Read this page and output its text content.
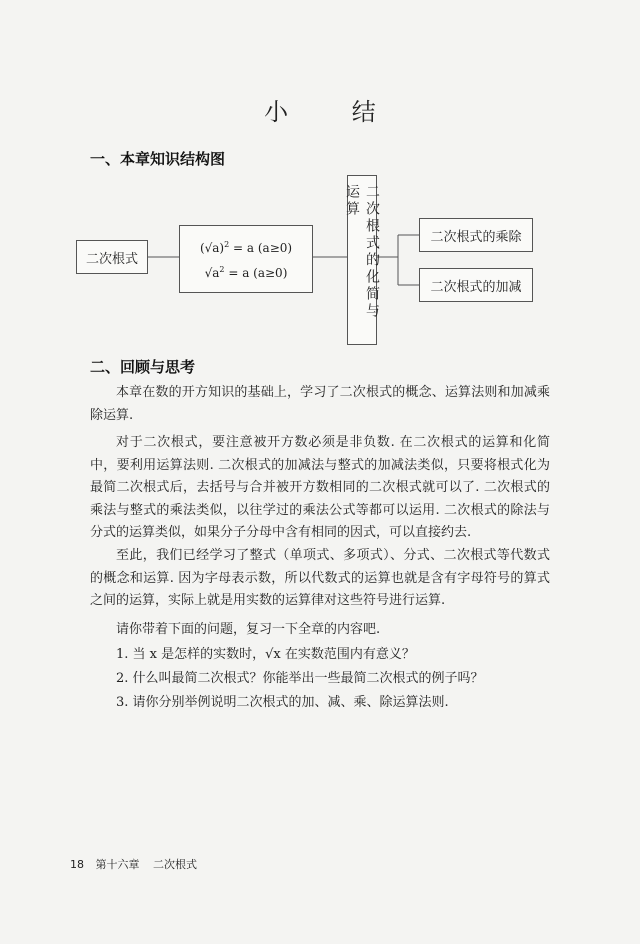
小 结
一、本章知识结构图
二次根式
$(√a)^2 = a$ (a≥0)
$√a^2 = a$ (a≥0)	二次根式的化简与运算
二次根式的乘除
二次根式的加减
二、回顾与思考

本章在数的开方知识的基础上，学习了二次根式的概念、运算法则和加减乘除运算.

对于二次根式，要注意被开方数必须是非负数. 在二次根式的运算和化简中，要利用运算法则. 二次根式的加减法与整式的加减法类似，只要将根式化为最简二次根式后，去括号与合并被开方数相同的二次根式就可以了. 二次根式的乘法与整式的乘法类似，以往学过的乘法公式等都可以运用. 二次根式的除法与分式的运算类似，如果分子分母中含有相同的因式，可以直接约去.

至此，我们已经学习了整式（单项式、多项式）、分式、二次根式等代数式的概念和运算. 因为字母表示数，所以代数式的运算也就是含有字母符号的算式之间的运算，实际上就是用实数的运算律对这些符号进行运算.

请你带着下面的问题，复习一下全章的内容吧.

1. 当 x 是怎样的实数时，√x 在实数范围内有意义？
2. 什么叫最简二次根式？你能举出一些最简二次根式的例子吗？
3. 请你分别举例说明二次根式的加、减、乘、除运算法则.
18 第十六章 二次根式
